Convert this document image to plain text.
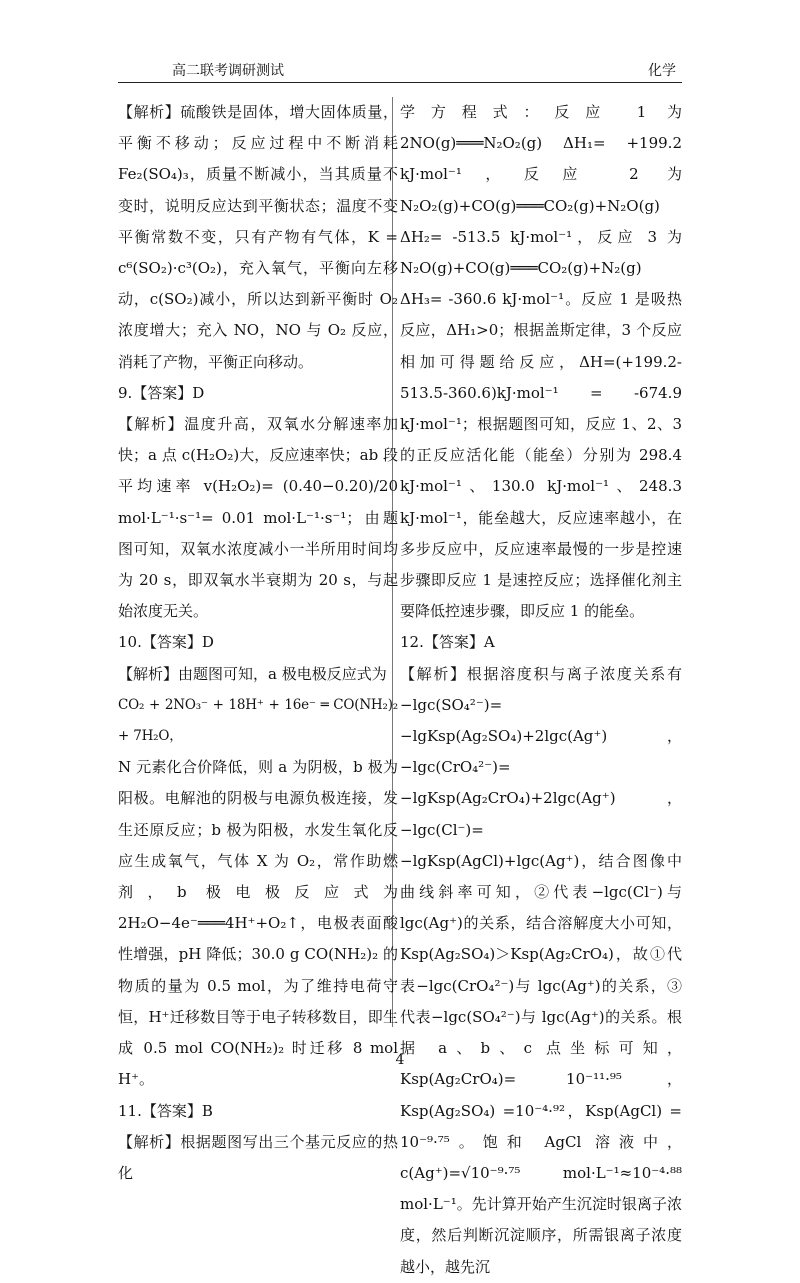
高二联考调研测试	化学

【解析】硫酸铁是固体，增大固体质量，平衡不移动；反应过程中不断消耗 Fe₂(SO₄)₃，质量不断减小，当其质量不变时，说明反应达到平衡状态；温度不变平衡常数不变，只有产物有气体，K = c⁶(SO₂)·c³(O₂)，充入氧气，平衡向左移动，c(SO₂)减小，所以达到新平衡时 O₂ 浓度增大；充入 NO，NO 与 O₂ 反应，消耗了产物，平衡正向移动。

9.【答案】D

【解析】温度升高，双氧水分解速率加快；a 点 c(H₂O₂)大，反应速率快；ab 段平均速率 v(H₂O₂)= (0.40−0.20)/20 mol·L⁻¹·s⁻¹= 0.01 mol·L⁻¹·s⁻¹；由题图可知，双氧水浓度减小一半所用时间均为 20 s，即双氧水半衰期为 20 s，与起始浓度无关。

10.【答案】D

【解析】由题图可知，a 极电极反应式为

CO₂ + 2NO₃⁻ + 18H⁺ + 16e⁻ ═ CO(NH₂)₂ + 7H₂O，

N 元素化合价降低，则 a 为阴极，b 极为阳极。电解池的阴极与电源负极连接，发生还原反应；b 极为阳极，水发生氧化反应生成氧气，气体 X 为 O₂，常作助燃剂，b 极电极反应式为 2H₂O−4e⁻═══4H⁺+O₂↑，电极表面酸性增强，pH 降低；30.0 g CO(NH₂)₂ 的物质的量为 0.5 mol，为了维持电荷守恒，H⁺迁移数目等于电子转移数目，即生成 0.5 mol CO(NH₂)₂ 时迁移 8 mol H⁺。

11.【答案】B

【解析】根据题图写出三个基元反应的热化

学方程式：反应 1 为 2NO(g)═══N₂O₂(g) ΔH₁= +199.2 kJ·mol⁻¹，反应 2 为 N₂O₂(g)+CO(g)═══CO₂(g)+N₂O(g) ΔH₂= -513.5 kJ·mol⁻¹，反应 3 为 N₂O(g)+CO(g)═══CO₂(g)+N₂(g) ΔH₃= -360.6 kJ·mol⁻¹。反应 1 是吸热反应，ΔH₁>0；根据盖斯定律，3 个反应相加可得题给反应，ΔH=(+199.2-513.5-360.6)kJ·mol⁻¹ = -674.9 kJ·mol⁻¹；根据题图可知，反应 1、2、3 的正反应活化能（能垒）分别为 298.4 kJ·mol⁻¹、130.0 kJ·mol⁻¹、248.3 kJ·mol⁻¹，能垒越大，反应速率越小，在多步反应中，反应速率最慢的一步是控速步骤即反应 1 是速控反应；选择催化剂主要降低控速步骤，即反应 1 的能垒。

12.【答案】A

【解析】根据溶度积与离子浓度关系有 −lgc(SO₄²⁻)= −lgKsp(Ag₂SO₄)+2lgc(Ag⁺)，−lgc(CrO₄²⁻)= −lgKsp(Ag₂CrO₄)+2lgc(Ag⁺)，−lgc(Cl⁻)= −lgKsp(AgCl)+lgc(Ag⁺)，结合图像中曲线斜率可知，②代表−lgc(Cl⁻)与 lgc(Ag⁺)的关系，结合溶解度大小可知，Ksp(Ag₂SO₄)＞Ksp(Ag₂CrO₄)，故①代表−lgc(CrO₄²⁻)与 lgc(Ag⁺)的关系，③代表−lgc(SO₄²⁻)与 lgc(Ag⁺)的关系。根据 a、b、c 点坐标可知，Ksp(Ag₂CrO₄)= 10⁻¹¹·⁹⁵，Ksp(Ag₂SO₄) =10⁻⁴·⁹²，Ksp(AgCl) = 10⁻⁹·⁷⁵。饱和 AgCl 溶液中，c(Ag⁺)=√10⁻⁹·⁷⁵ mol·L⁻¹≈10⁻⁴·⁸⁸ mol·L⁻¹。先计算开始产生沉淀时银离子浓度，然后判断沉淀顺序，所需银离子浓度越小，越先沉

4
